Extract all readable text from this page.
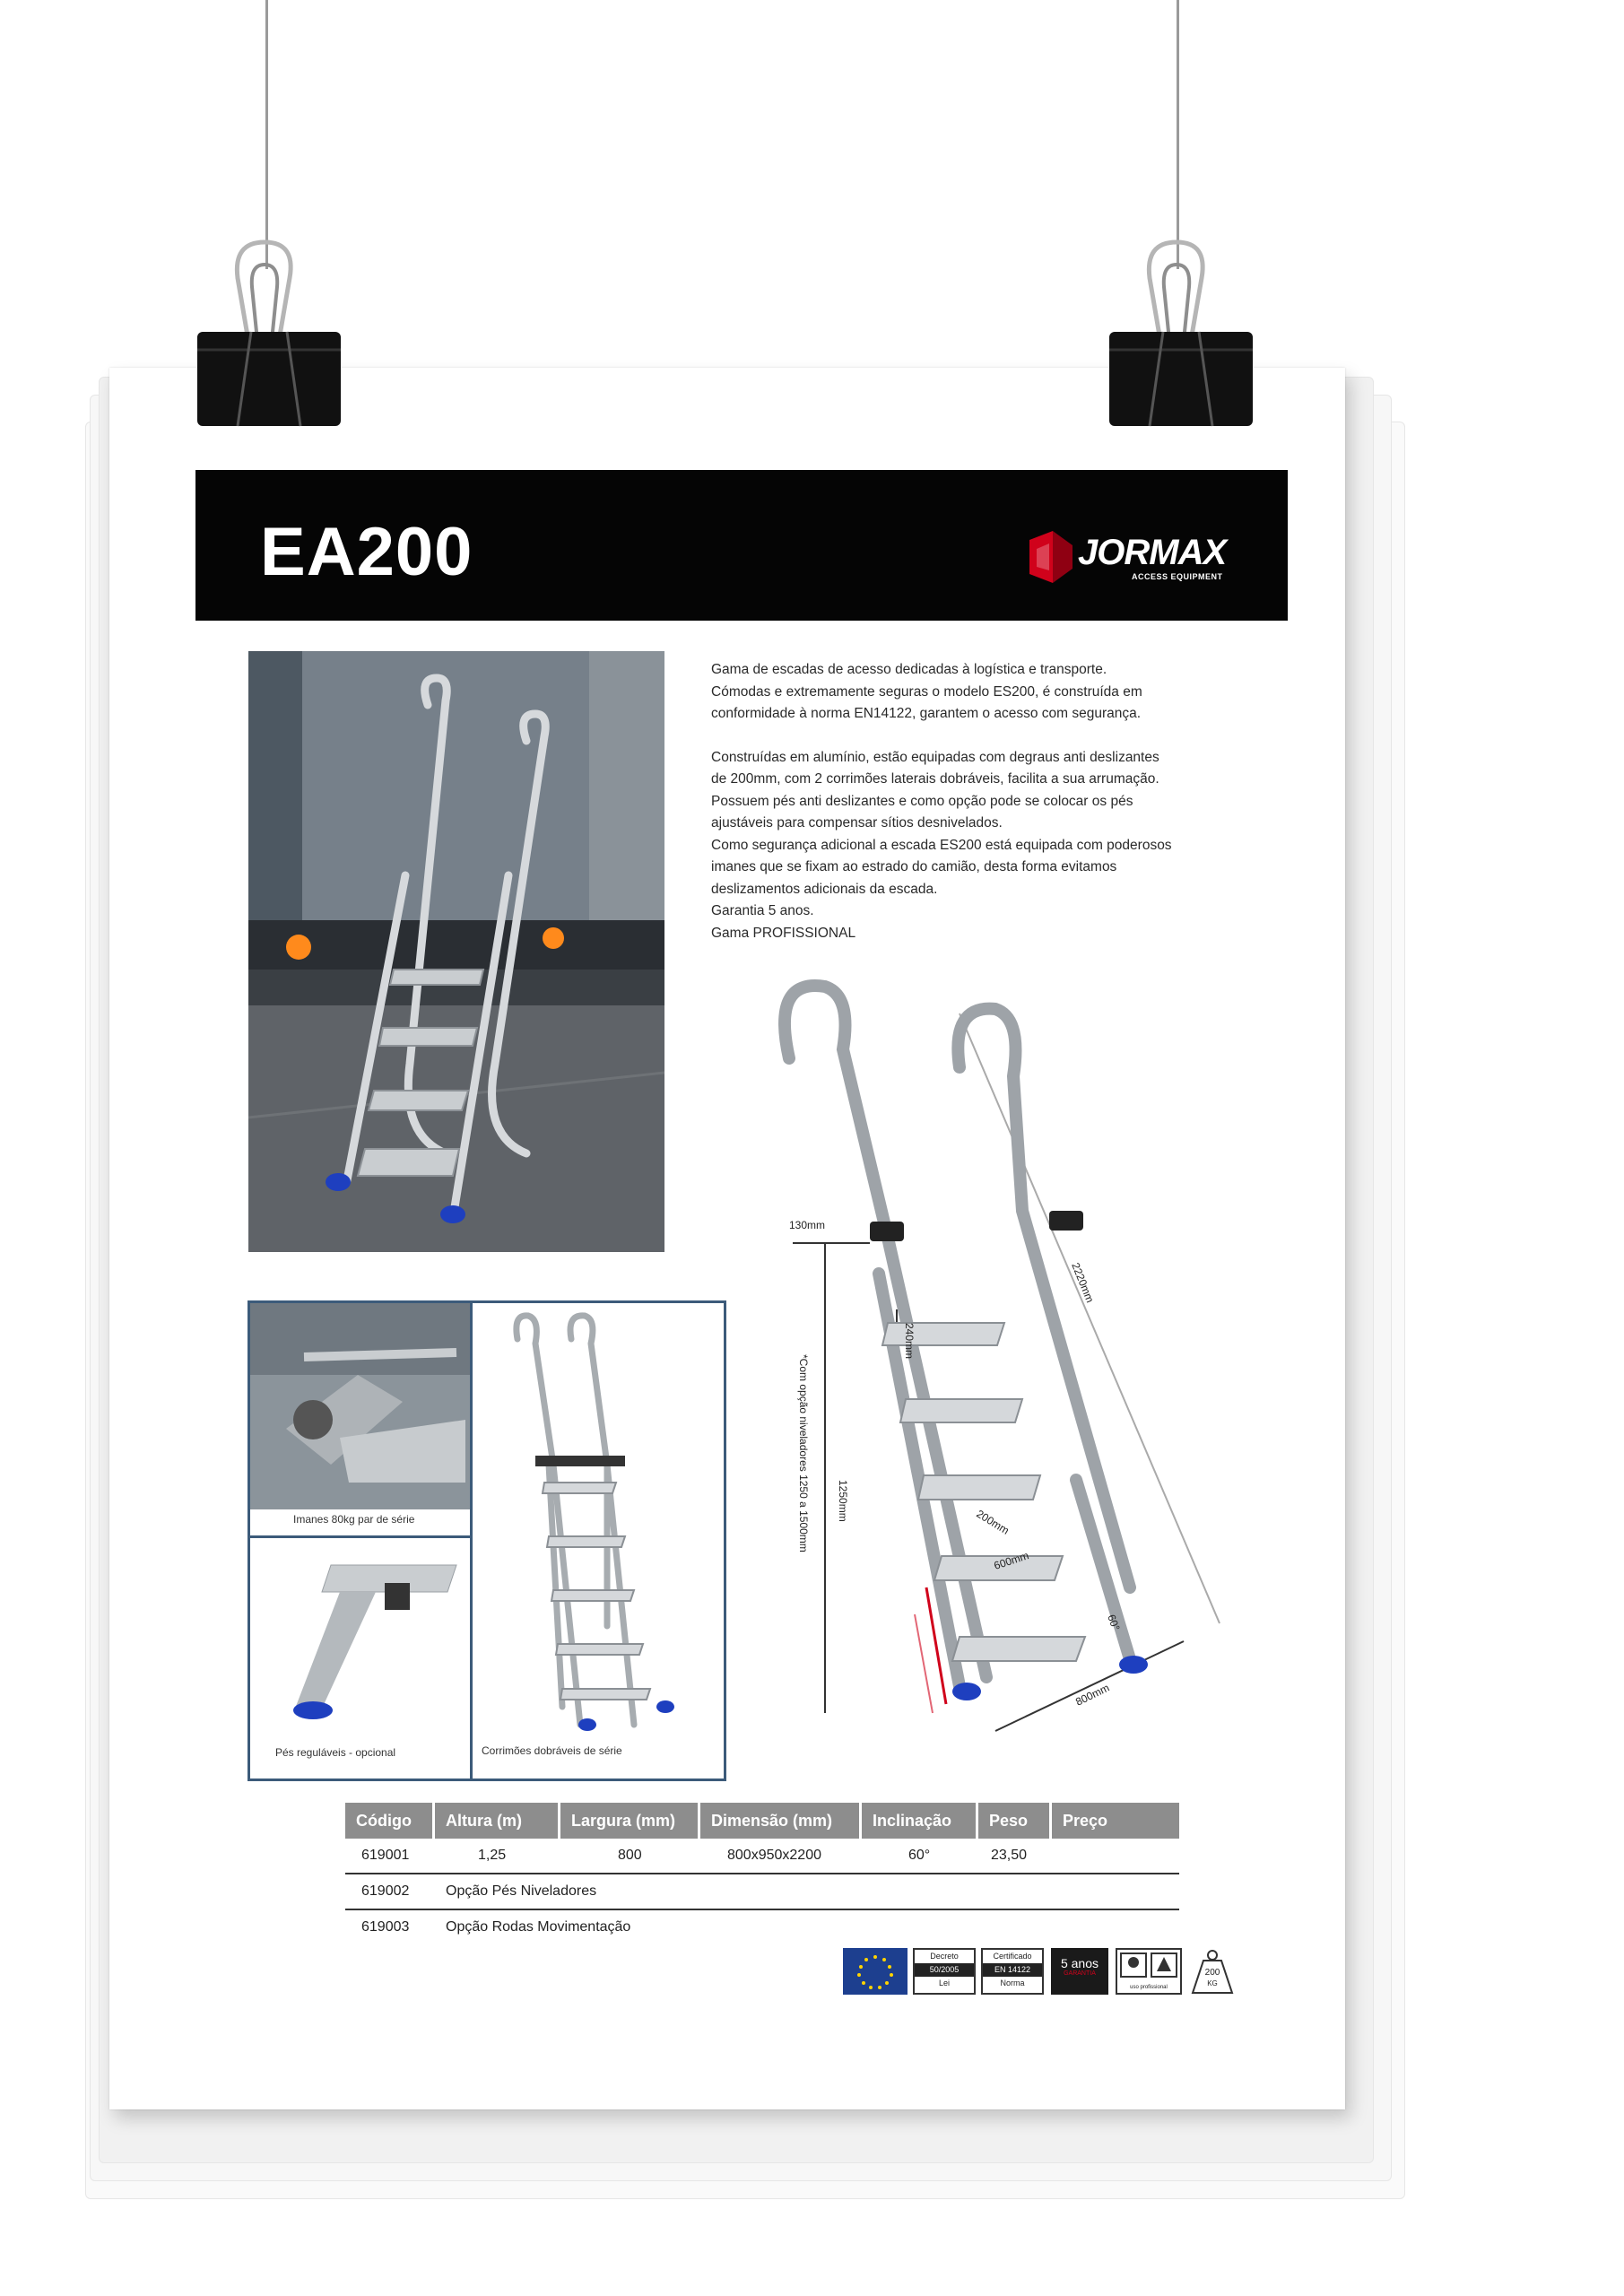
EA200	JORMAX
ACCESS EQUIPMENT

Gama de escadas de acesso dedicadas à logística e transporte.

Cómodas e extremamente seguras o modelo ES200, é construída em

conformidade à norma EN14122, garantem o acesso com segurança.

Construídas em alumínio, estão equipadas com degraus anti deslizantes

de 200mm, com 2 corrimões laterais dobráveis, facilita a sua arrumação.

Possuem pés anti deslizantes e como opção pode se colocar os pés

ajustáveis para compensar sítios desnivelados.

Como segurança adicional a escada ES200 está equipada com poderosos

imanes que se fixam ao estrado do camião, desta forma evitamos

deslizamentos adicionais da escada.

Garantia 5 anos.

Gama PROFISSIONAL

130mm
240mm
2220mm
1250mm
*Com opção niveladores 1250 a 1500mm	200mm
600mm
60°
800mm
Imanes 80kg par de série
Pés reguláveis - opcional	Corrimões dobráveis de série
Código	Altura (m)	Largura (mm)	Dimensão (mm)	Inclinação	Peso	Preço
619001	1,25	800	800x950x2200	60°	23,50
619002	Opção Pés Niveladores
619003	Opção Rodas Movimentação
Decreto
50/2005
Lei
Certificado
EN 14122
Norma
5 anos
GARANTIA
uso profissional
200
KG
